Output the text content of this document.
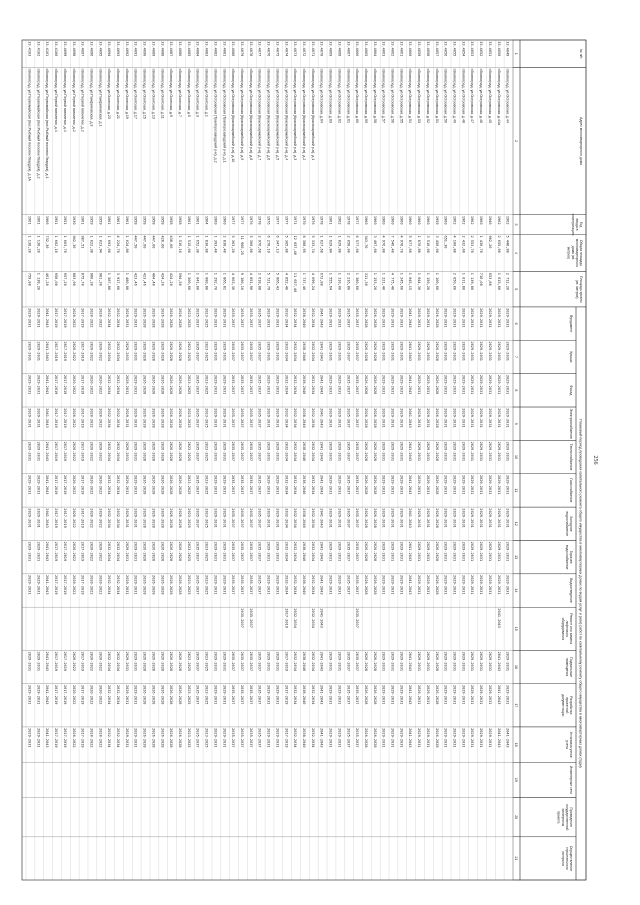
Плановый период проведения капитального ремонта общего имущества в многоквартирных домах по видам услуг и (или) работ по капитальному ремонту общего имущества в многоквартирных домах (годы)
№ п/п
1
Адрес многоквартирного дома
2
Годввода вэксплуатацию
3
Общая площадьмногоквартирногодома (кв.метров)
4
Площадь кровли(кв. метров)
5
Фундамент
6
Крыша
7
Фасад
8
Электроснабжение
9
Теплоснабжение
10
Газоснабжение
11
Холодноеводоснабжение
12
Горячееводоснабжение
13
Водоотведение
14
Ремонт или заменалифтовогооборудования
15
Подвальныепомещения
16
Разработкапроектнойдокументации
17
Установка узловучета
18
Инженерные сети
19
Проведениегосударственнойэкспертизыпроекта
20
Осуществлениестроительногоконтроля
21
33.4049
г.Волгоград, ул.Островская, д.44
1962
5 448,80
2 712,20
2029-2031
2029-2031
2029-2031
2029-2031
2029-2031
2029-2031
2029-2031
2029-2031
2029-2031
2029-2031
2029-2031
2041-2043
33.4050
г.Волгоград, ул.Островская, д.44а
1962
2 655,00
1 015,00
2029-2031
2029-2031
2029-2031
2029-2031
2029-2031
2029-2031
2029-2031
2029-2031
2029-2031
2041-2043
2041-2043
2041-2043
2041-2043
33.4051
г.Волгоград, ул.Островская, д.45
1946
962,20
653,80
2029-2031
2029-2031
2029-2031
2029-2031
2029-2031
2029-2031
2029-2031
2029-2031
2029-2031
2029-2031
2029-2031
2029-2031
33.4052
г.Волгоград, ул.Островская, д.46
1960
1 430,70
710,00
2029-2031
2029-2031
2029-2031
2029-2031
2029-2031
2029-2031
2029-2031
2029-2031
2029-2031
2029-2031
2029-2031
2029-2031
33.4053
г.Волгоград, ул.Островская, д.47
1962
2 553,70
1 139,80
2029-2031
2029-2031
2029-2031
2029-2031
2029-2031
2029-2031
2029-2031
2029-2031
2029-2031
2029-2031
2029-2031
2029-2031
33.4054
г.Волгоград, ул.Островская, д.48
1962
2 432,00
1 011,80
2029-2031
2029-2031
2029-2031
2029-2031
2029-2031
2029-2031
2029-2031
2029-2031
2029-2031
2029-2031
2029-2031
2029-2031
33.4055
г.Волгоград, ул.Островская, д.49
1962
4 100,80
2 050,00
2029-2031
2029-2031
2029-2031
2029-2031
2029-2031
2029-2031
2029-2031
2029-2031
2029-2031
2029-2031
2029-2031
2029-2031
33.4056
г.Волгоград, ул.Островская, д.50
1960
651,30
2029-2031
2029-2031
2029-2031
2029-2031
2029-2031
2029-2031
2029-2031
2029-2031
2029-2031
2029-2031
2029-2031
2029-2031
33.4057
г.Волгоград, ул.Островская, д.51
1959
3 450,00
1 100,00
2026-2028
2026-2028
2026-2028
2026-2028
2026-2028
2026-2028
2026-2028
2026-2028
2026-2028
2026-2028
2026-2028
2026-2028
33.4058
г.Волгоград, ул.Островская, д.52
1960
3 510,00
1 150,20
2029-2031
2029-2031
2029-2031
2029-2031
2029-2031
2029-2031
2029-2031
2029-2031
2029-2031
2029-2031
2029-2031
2029-2031
33.4059
г.Волгоград, ул.Островская, д.53
1960
1 870,80
1 044,30
2029-2031
2029-2031
2029-2031
2029-2031
2029-2031
2029-2031
2029-2031
2029-2031
2029-2031
2029-2031
2029-2031
2029-2031
33.4060
г.Волгоград, ул.Островская, д.54
1960
5 877,60
1 045,15
2041-2043
2041-2043
2041-2043
2041-2043
2041-2043
2041-2043
2041-2043
2041-2043
2041-2043
2041-2043
2041-2043
2041-2043
33.4061
г.Волгоград, ул.Островская, д.55
1960
4 978,70
1 245,60
2029-2031
2029-2031
2029-2031
2029-2031
2029-2031
2029-2031
2029-2031
2029-2031
2029-2031
2029-2031
2029-2031
2029-2031
33.4062
г.Волгоград, ул.Островская, д.56
1960
7 546,40
4 775,40
2029-2031
2029-2031
2029-2031
2029-2031
2029-2031
2029-2031
2029-2031
2029-2031
2029-2031
2029-2031
2029-2031
2029-2031
33.4063
г.Волгоград, ул.Островская, д.57
1960
4 976,80
1 221,40
2029-2031
2029-2031
2029-2031
2029-2031
2029-2031
2029-2031
2029-2031
2029-2031
2029-2031
2029-2031
2029-2031
2029-2031
33.4064
г.Волгоград, ул.Островская, д.58
1960
3 497,60
1 153,20
2026-2028
2026-2028
2026-2028
2026-2028
2026-2028
2026-2028
2026-2028
2026-2028
2026-2028
2026-2028
2026-2028
2026-2028
33.4065
г.Волгоград, ул.Островская, д.59
1960
343,70
311,30
2026-2028
2026-2028
2026-2028
2026-2028
2026-2028
2026-2028
2026-2028
2026-2028
2026-2028
2026-2028
2026-2028
2026-2028
33.4066
г.Волгоград, ул.Островская, д.60
1977
6 577,60
1 380,00
2035-2037
2035-2037
2035-2037
2035-2037
2035-2037
2035-2037
2035-2037
2035-2037
2035-2037
2035-2037
2035-2037
2035-2037
2035-2037
33.4067
г.Волгоград, ул.Островская, д.61
1978
2 058,00
2 216,80
2035-2037
2035-2037
2035-2037
2035-2037
2035-2037
2035-2037
2035-2037
2035-2037
2035-2037
2035-2037
2035-2037
2035-2037
33.4068
г.Волгоград, ул.Островская, д.62
1962
1 829,80
1 110,00
2029-2031
2029-2031
2029-2031
2029-2031
2029-2031
2029-2031
2029-2031
2029-2031
2029-2031
2029-2031
2029-2031
2029-2031
33.4069
г.Волгоград, ул.Островская, д.63
1961
1 629,84
1 555,64
2029-2031
2029-2031
2029-2031
2029-2031
2029-2031
2029-2031
2029-2031
2029-2031
2029-2031
2029-2031
2029-2031
2029-2031
33.4070
г.Волгоград, ул.Островская, д.64
1978
1 627,68
672,80
2041-2043
2041-2043
2041-2043
2041-2043
2041-2043
2041-2043
2041-2043
2041-2043
2041-2043
2041-2043
2041-2043
2041-2043
2041-2043
33.4071
г.Волгоград, ул.Островская (Красноармейский р-н), д.1
1976
5 333,74
4 699,24
2032-2034
2032-2034
2032-2034
2032-2034
2032-2034
2032-2034
2032-2034
2032-2034
2032-2034
2032-2034
2032-2034
2032-2034
2032-2034
33.4072
г.Волгоград, ул.Островская (Красноармейский р-н), д.2
1970
8 308,95
1 737,40
2038-2040
2038-2040
2038-2040
2038-2040
2038-2040
2038-2040
2038-2040
2038-2040
2038-2040
2038-2040
2038-2040
2038-2040
33.4073
г.Волгоград, ул.Островская (Красноармейский р-н), д.3
1971
12 057,40
11 057,40
2032-2034
2032-2034
2032-2034
2032-2034
2032-2034
2032-2034
2032-2034
2032-2034
2032-2034
2032-2034
2032-2034
2032-2034
2032-2034
33.4074
г.Волгоград, ул.Островская (Красноармейский р-н), д.4
1977
5 305,80
4 852,40
2032-2034
2032-2034
2032-2034
2032-2034
2032-2034
2032-2034
2032-2034
2032-2034
2032-2034
2017-2019
2017-2019
2017-2019
2017-2019
33.4075
г.Волгоград, ул.Островская (Красноармейский р-н), д.5
1977
6 347,13
5 866,43
2029-2031
2029-2031
2029-2031
2029-2031
2029-2031
2029-2031
2029-2031
2029-2031
2029-2031
2029-2031
2029-2031
2029-2031
33.4076
г.Волгоград, ул.Островская (Красноармейский р-н), д.6
1976
6 278,19
5 721,79
2029-2031
2029-2031
2029-2031
2029-2031
2029-2031
2029-2031
2029-2031
2029-2031
2029-2031
2029-2031
2029-2031
2029-2031
33.4077
г.Волгоград, ул.Островская (Красноармейский р-н), д.7
1978
2 976,68
2 618,88
2035-2037
2035-2037
2035-2037
2035-2037
2035-2037
2035-2037
2035-2037
2035-2037
2035-2037
2035-2037
2035-2037
2035-2037
33.4078
г.Волгоград, ул.Островская (Красноармейский р-н), д.8
1976
5 300,00
4 851,90
2035-2037
2035-2037
2035-2037
2035-2037
2035-2037
2035-2037
2035-2037
2035-2037
2035-2037
2035-2037
2035-2037
2035-2037
2035-2037
33.4079
г.Волгоград, ул.Островская (Красноармейский р-н), д.9
1977
11 960,25
9 186,10
2035-2037
2035-2037
2035-2037
2035-2037
2035-2037
2035-2037
2035-2037
2035-2037
2035-2037
2035-2037
2035-2037
2035-2037
2035-2037
33.4080
г.Волгоград, ул.Островская (Красноармейский р-н), д.10
1977
5 303,20
4 663,36
2035-2037
2035-2037
2035-2037
2035-2037
2035-2037
2035-2037
2035-2037
2035-2037
2035-2037
2035-2037
2035-2037
2035-2037
33.4081
г.Волгоград, ул.Островская (Тракторозаводский р-н), д.1
1960
2 838,40
1 866,81
2029-2031
2029-2031
2029-2031
2029-2031
2029-2031
2029-2031
2029-2031
2029-2031
2029-2031
2029-2031
2029-2031
2029-2031
33.4082
г.Волгоград, ул.Островская (Тракторозаводский р-н), д.2
1960
1 393,40
1 292,70
2029-2031
2029-2031
2029-2031
2029-2031
2029-2031
2029-2031
2029-2031
2029-2031
2029-2031
2029-2031
2029-2031
2029-2031
33.4083
г.Волгоград, ул.Охотская, д.1
1964
1 830,80
1 080,80
2023-2025
2023-2025
2023-2025
2023-2025
2023-2025
2023-2025
2023-2025
2023-2025
2023-2025
2023-2025
2023-2025
2023-2025
33.4084
г.Волгоград, ул.Охотская, д.3
1961
1 652,30
1 041,00
2035-2037
2035-2037
2035-2037
2035-2037
2035-2037
2035-2037
2035-2037
2035-2037
2035-2037
2035-2037
2035-2037
2035-2037
33.4085
г.Волгоград, ул.Охотская, д.5
1961
1 515,00
1 500,00
2023-2025
2023-2025
2023-2025
2023-2025
2023-2025
2023-2025
2023-2025
2023-2025
2023-2025
2023-2025
2023-2025
2023-2025
33.4086
г.Волгоград, ул.Охотская, д.7
1958
1 516,10
594,50
2026-2028
2026-2028
2026-2028
2026-2028
2026-2028
2026-2028
2026-2028
2026-2028
2026-2028
2026-2028
2026-2028
2026-2028
33.4087
г.Волгоград, ул.Охотская, д.9
1958
438,60
424,20
2026-2028
2026-2028
2026-2028
2026-2028
2026-2028
2026-2028
2026-2028
2026-2028
2026-2028
2026-2028
2026-2028
2026-2028
33.4088
г.Волгоград, ул.Охотская, д.11
1958
428,60
424,20
2026-2028
2026-2028
2026-2028
2026-2028
2026-2028
2026-2028
2026-2028
2026-2028
2026-2028
2026-2028
2026-2028
2026-2028
33.4089
г.Волгоград, ул.Охотская, д.13
1958
447,60
404,40
2026-2028
2026-2028
2026-2028
2026-2028
2026-2028
2026-2028
2026-2028
2026-2028
2026-2028
2026-2028
2026-2028
2026-2028
33.4090
г.Волгоград, ул.Охотская, д.15
1958
447,60
423,46
2026-2028
2026-2028
2026-2028
2026-2028
2026-2028
2026-2028
2026-2028
2026-2028
2026-2028
2026-2028
2026-2028
2026-2028
33.4091
г.Волгоград, ул.Охотская, д.17
1958
447,50
423,46
2029-2031
2029-2031
2029-2031
2029-2031
2029-2031
2029-2031
2029-2031
2029-2031
2029-2031
2029-2031
2029-2031
2029-2031
33.4092
г.Волгоград, ул.Охотская, д.19
1961
1 624,80
1 480,80
2029-2031
2029-2031
2029-2031
2029-2031
2029-2031
2029-2031
2029-2031
2029-2031
2029-2031
2029-2031
2029-2031
2029-2031
33.4093
г.Волгоград, ул.Охотская, д.21
1961
4 224,70
3 917,00
2032-2034
2032-2034
2032-2034
2032-2034
2032-2034
2032-2034
2032-2034
2032-2034
2032-2034
2032-2034
2032-2034
2032-2034
33.4094
г.Волгоград, ул.Охотская, д.23
1961
1 693,00
1 587,80
2032-2034
2032-2034
2032-2034
2032-2034
2032-2034
2032-2034
2032-2034
2032-2034
2032-2034
2032-2034
2032-2034
2032-2034
33.4095
г.Волгоград, ул.Панфиловская, д.1
1959
1 023,94
981,30
2020-2022
2020-2022
2020-2022
2020-2022
2020-2022
2020-2022
2020-2022
2020-2022
2020-2022
2020-2022
2020-2022
2020-2022
33.4096
г.Волгоград, ул.Панфиловская, д.3
1959
1 022,38
980,30
2020-2022
2020-2022
2020-2022
2020-2022
2020-2022
2020-2022
2020-2022
2020-2022
2020-2022
2020-2022
2020-2022
2020-2022
33.4097
г.Волгоград, ул.Первой пятилетки, д.2
1961
987,51
875,70
2017-2019
2017-2019
2017-2019
2017-2019
2017-2019
2017-2019
2017-2019
2017-2019
2017-2019
2017-2019
2017-2019
2017-2019
33.4098
г.Волгоград, ул.Первой пятилетки, д.2
1930
942,30
883,90
2020-2022
2020-2022
2020-2022
2020-2022
2020-2022
2020-2022
2020-2022
2020-2022
2020-2022
2020-2022
2020-2022
2020-2022
33.4099
г.Волгоград, ул.Первой пятилетки, д.4
1951
1 663,70
957,20
2017-2019
2017-2019
2017-2019
2017-2019
2017-2019
2017-2019
2017-2019
2017-2019
2017-2019
2017-2019
2017-2019
2017-2019
33.4100
г.Волгоград, ул.Первой пятилетки, д.4
1951
1 602,10
950,00
2017-2019
2017-2019
2017-2019
2017-2019
2017-2019
2017-2019
2017-2019
2017-2019
2017-2019
2017-2019
2017-2019
2017-2019
33.4101
г.Волгоград, ул.Первомайская (пос.Рыбный поселок Гвардия), д.1
1966
732,30
461,20
2041-2043
2041-2043
2041-2043
2041-2043
2041-2043
2041-2043
2041-2043
2041-2043
2041-2043
2041-2043
2041-2043
2041-2043
33.4102
г.Волгоград, ул.Первомайская (пос.Рыбный поселок Гвардия), д.2
1961
1 138,20
1 138,20
2029-2031
2029-2031
2029-2031
2029-2031
2029-2031
2029-2031
2029-2031
2029-2031
2029-2031
2029-2031
2029-2031
2029-2031
33.4103
г.Волгоград, ул.Первомайская (пос.Рыбный поселок Гвардия), д.1А
1961
1 138,20
759,80
2029-2031
2029-2031
2029-2031
2029-2031
2029-2031
2029-2031
2029-2031
2029-2031
2029-2031
2029-2031
2029-2031
2029-2031
256
